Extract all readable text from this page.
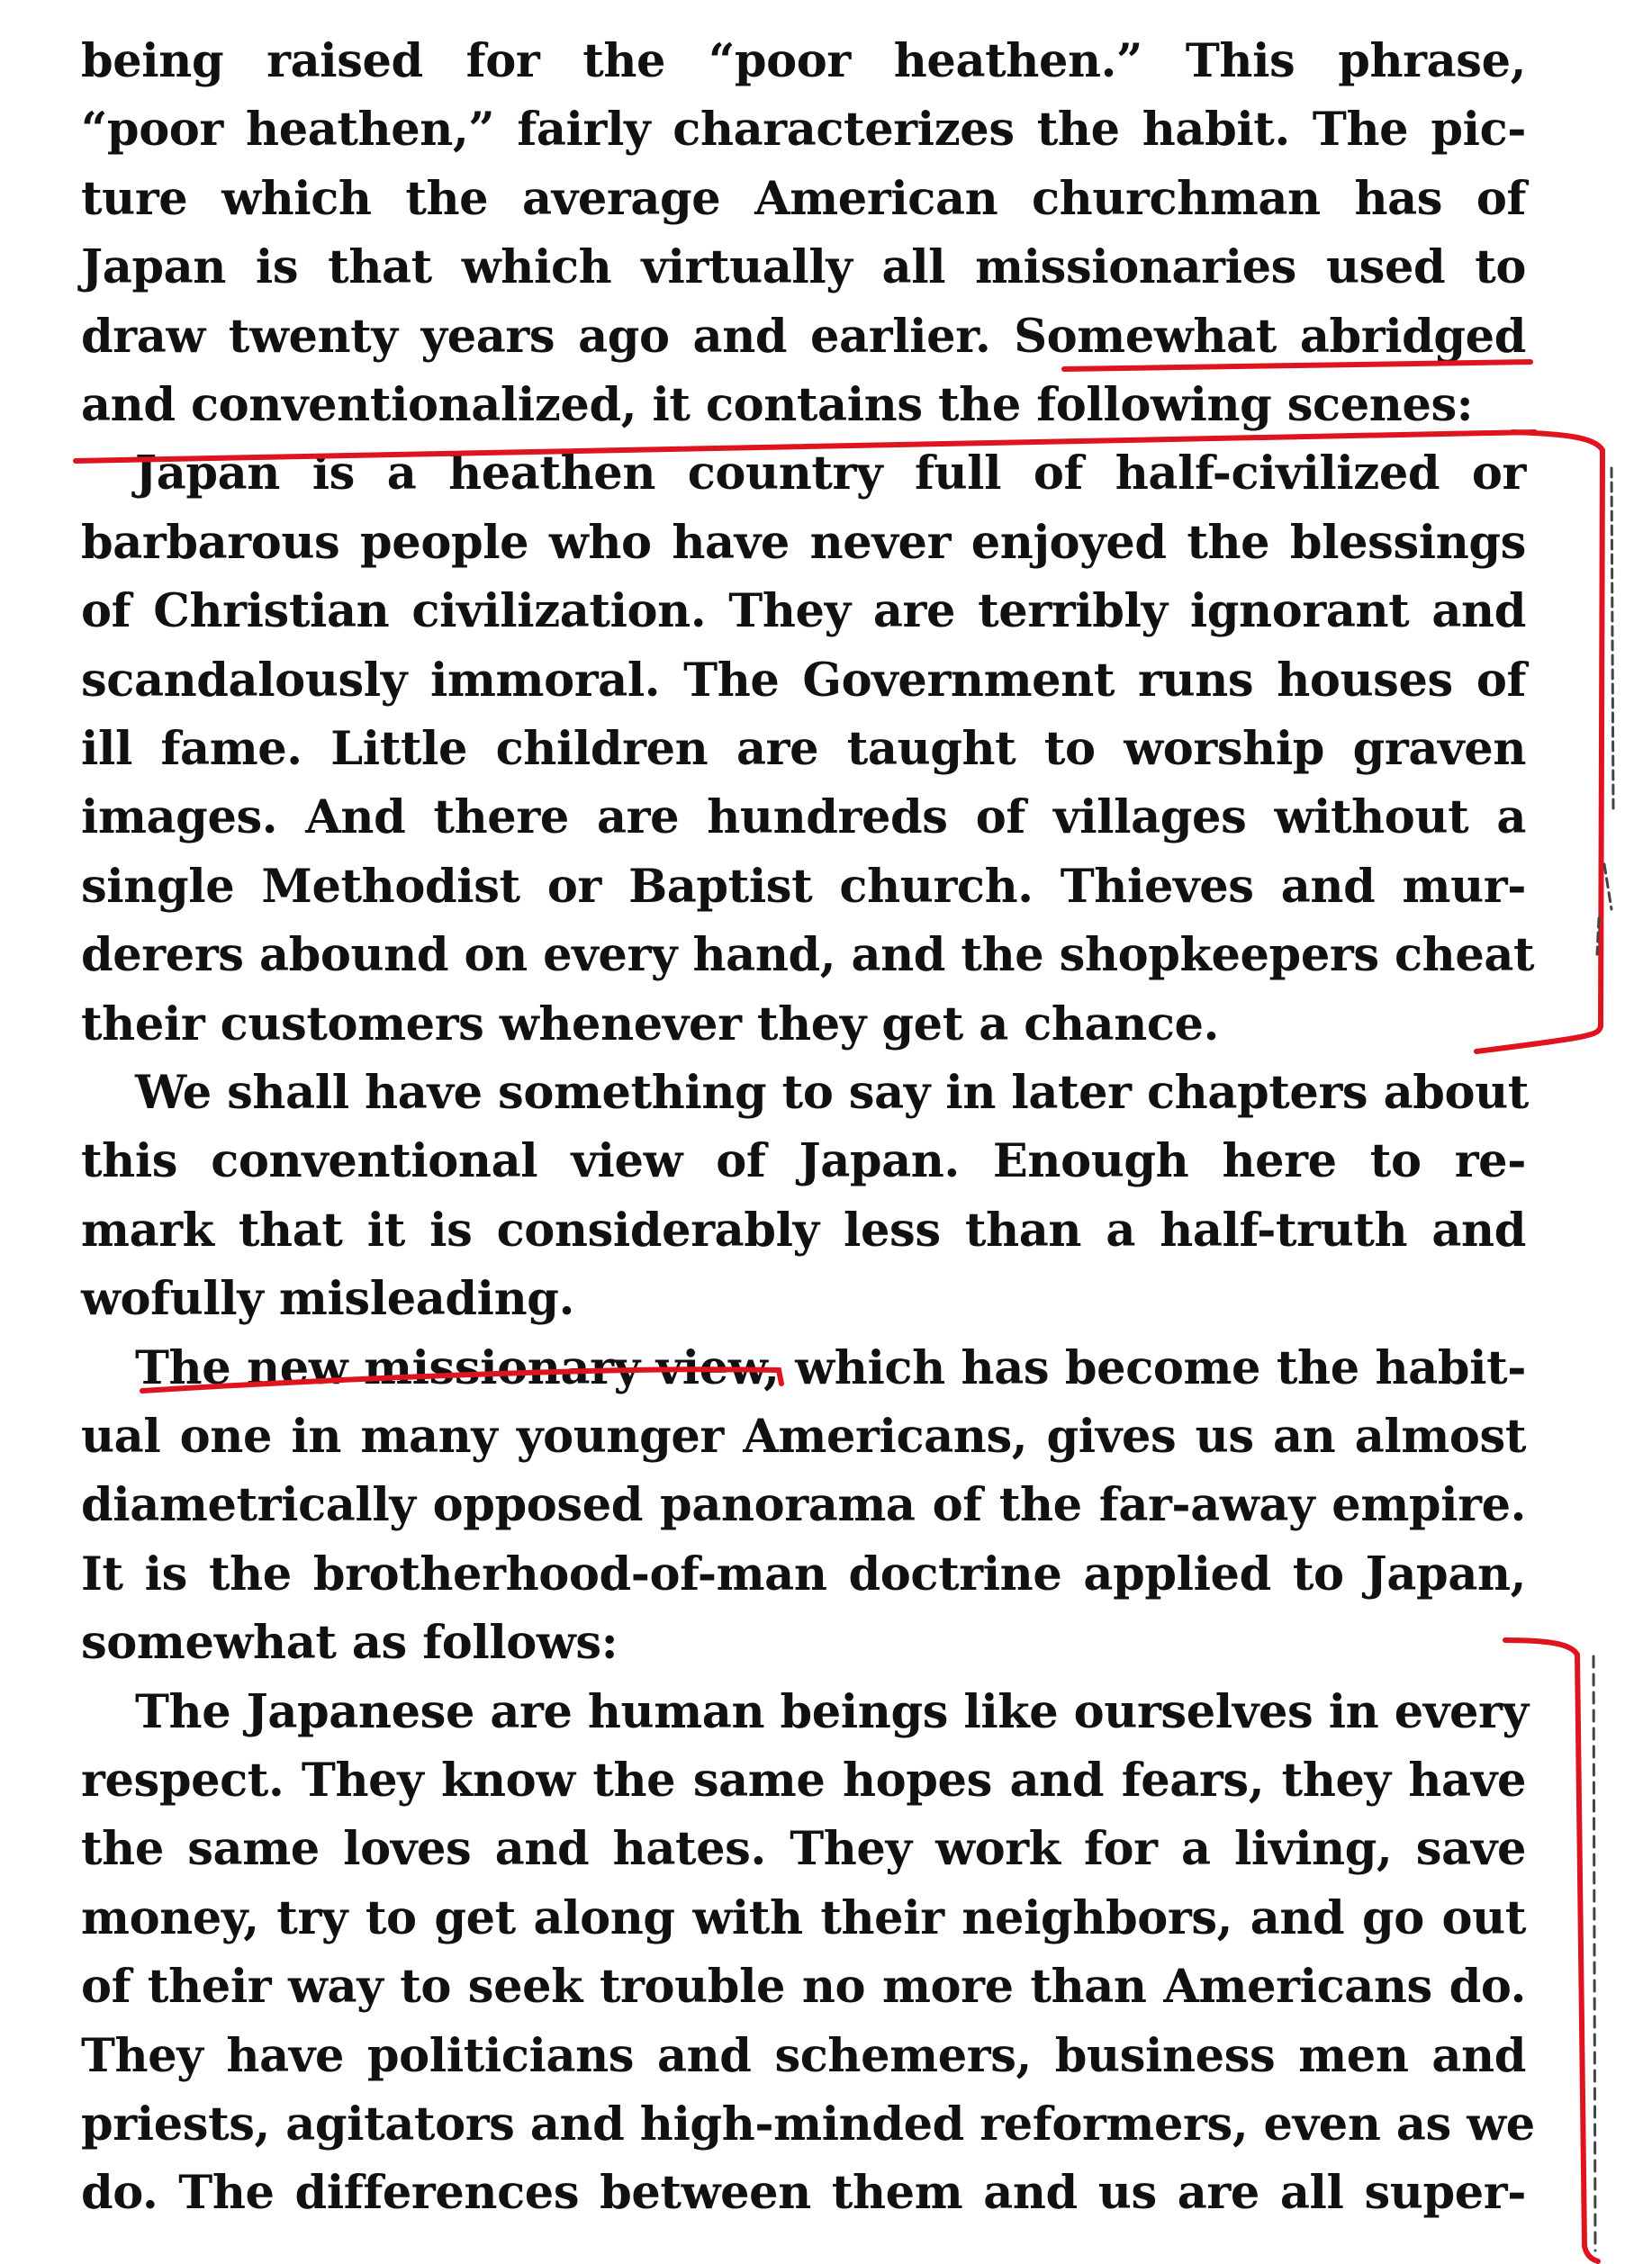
being raised for the “poor heathen.” This phrase,
“poor heathen,” fairly characterizes the habit. The pic-
ture which the average American churchman has of
Japan is that which virtually all missionaries used to
draw twenty years ago and earlier. Somewhat abridged
and conventionalized, it contains the following scenes:
Japan is a heathen country full of half-civilized or
barbarous people who have never enjoyed the blessings
of Christian civilization. They are terribly ignorant and
scandalously immoral. The Government runs houses of
ill fame. Little children are taught to worship graven
images. And there are hundreds of villages without a
single Methodist or Baptist church. Thieves and mur-
derers abound on every hand, and the shopkeepers cheat
their customers whenever they get a chance.
We shall have something to say in later chapters about
this conventional view of Japan. Enough here to re-
mark that it is considerably less than a half-truth and
wofully misleading.
The new missionary view, which has become the habit-
ual one in many younger Americans, gives us an almost
diametrically opposed panorama of the far-away empire.
It is the brotherhood-of-man doctrine applied to Japan,
somewhat as follows:
The Japanese are human beings like ourselves in every
respect. They know the same hopes and fears, they have
the same loves and hates. They work for a living, save
money, try to get along with their neighbors, and go out
of their way to seek trouble no more than Americans do.
They have politicians and schemers, business men and
priests, agitators and high-minded reformers, even as we
do. The differences between them and us are all super-
